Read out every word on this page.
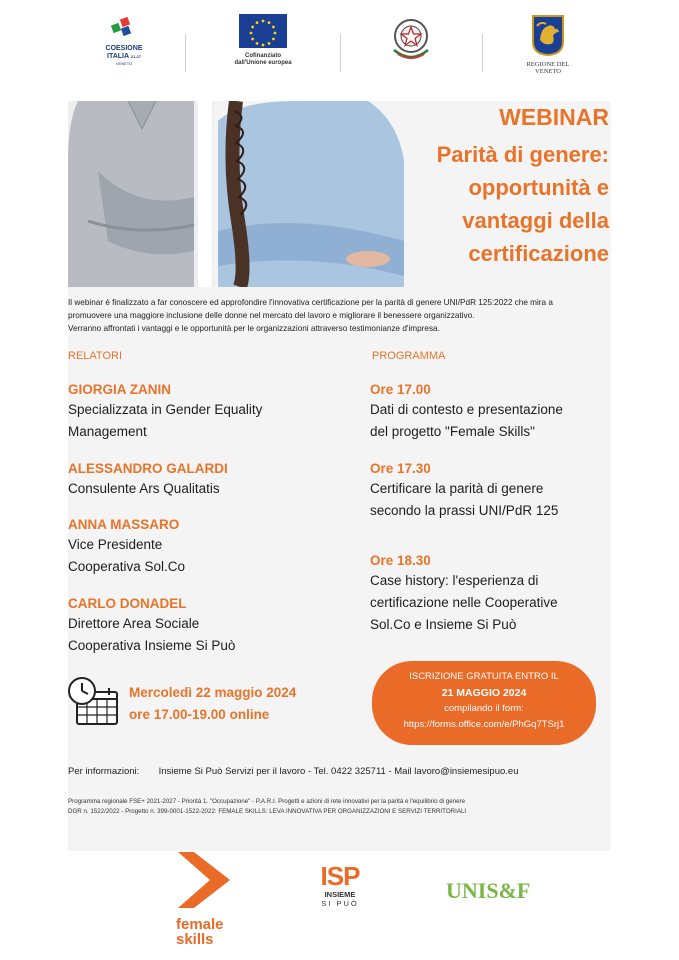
COESIONE
ITALIA 21-27
VENETO
Cofinanziato
dall'Unione europea	REGIONE DEL VENETO
WEBINAR
Parità di genere:
opportunità e
vantaggi della
certificazione
Il webinar è finalizzato a far conoscere ed approfondire l'innovativa certificazione per la parità di genere UNI/PdR 125:2022 che mira a
promuovere una maggiore inclusione delle donne nel mercato del lavoro e migliorare il benessere organizzativo.
Verranno affrontati i vantaggi e le opportunità per le organizzazioni attraverso testimonianze d'impresa.
RELATORI
GIORGIA ZANIN
Specializzata in Gender Equality
Management
ALESSANDRO GALARDI
Consulente Ars Qualitatis
ANNA MASSARO
Vice Presidente
Cooperativa Sol.Co
CARLO DONADEL
Direttore Area Sociale
Cooperativa Insieme Si Può
PROGRAMMA
Ore 17.00
Dati di contesto e presentazione
del progetto "Female Skills"
Ore 17.30
Certificare la parità di genere
secondo la prassi UNI/PdR 125
Ore 18.30
Case history: l'esperienza di
certificazione nelle Cooperative
Sol.Co e Insieme Si Può
Mercoledì 22 maggio 2024
ore 17.00-19.00 online
ISCRIZIONE GRATUITA ENTRO IL
21 MAGGIO 2024
compilando il form:
https://forms.office.com/e/PhGq7TSrj1
Per informazioni: Insieme Si Può Servizi per il lavoro - Tel. 0422 325711 - Mail lavoro@insiemesipuo.eu
Programma regionale FSE+ 2021-2027 - Priorità 1. "Occupazione" - P.A.R.I. Progetti e azioni di rete innovativi per la parità e l'equilibrio di genere
DGR n. 1522/2022 - Progetto n. 399-0001-1522-2022: FEMALE SKILLS: LEVA INNOVATIVA PER ORGANIZZAZIONI E SERVIZI TERRITORIALI
female
skills
ISP
INSIEME
SI PUÒ
UNIS&F
